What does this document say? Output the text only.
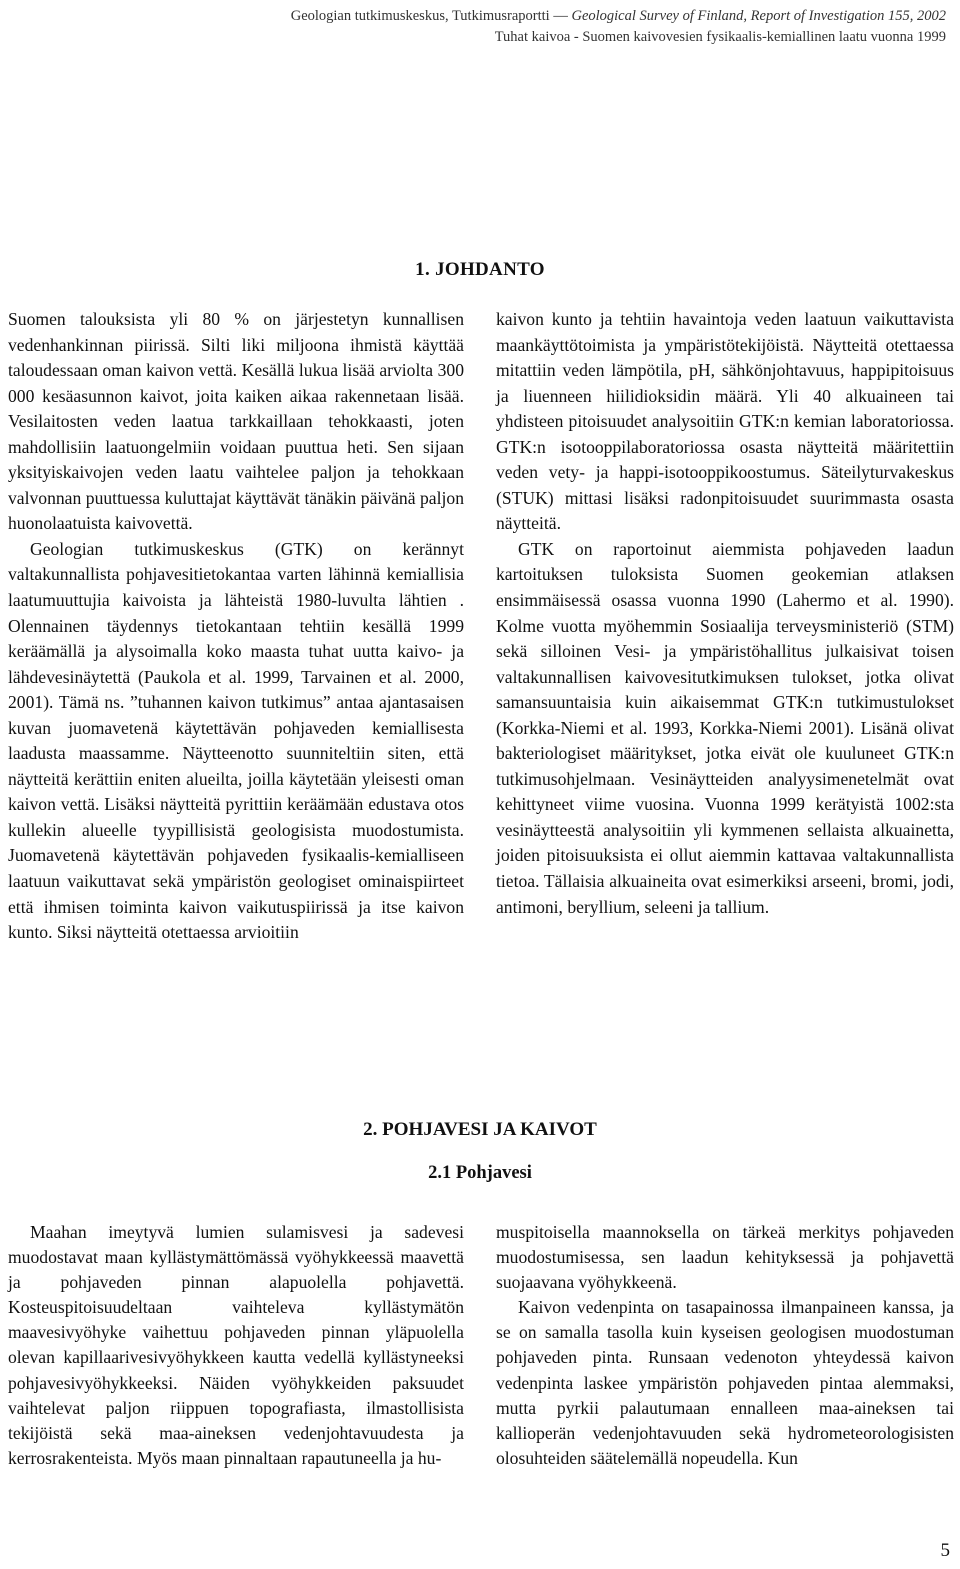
Geologian tutkimuskeskus, Tutkimusraportti — Geological Survey of Finland, Report of Investigation 155, 2002
Tuhat kaivoa - Suomen kaivovesien fysikaalis-kemiallinen laatu vuonna 1999
1. JOHDANTO

Suomen talouksista yli 80 % on järjestetyn kunnallisen vedenhankinnan piirissä. Silti liki miljoona ihmistä käyttää taloudessaan oman kaivon vettä. Kesällä lukua lisää arviolta 300 000 kesäasunnon kaivot, joita kaiken aikaa rakennetaan lisää. Vesilaitosten veden laatua tarkkaillaan tehokkaasti, joten mahdollisiin laatuongelmiin voidaan puuttua heti. Sen sijaan yksityiskaivojen veden laatu vaihtelee paljon ja tehokkaan valvonnan puuttuessa kuluttajat käyttävät tänäkin päivänä paljon huonolaatuista kaivovettä.

Geologian tutkimuskeskus (GTK) on kerännyt valtakunnallista pohjavesitietokantaa varten lähinnä kemiallisia laatumuuttujia kaivoista ja lähteistä 1980-luvulta lähtien . Olennainen täydennys tietokantaan tehtiin kesällä 1999 keräämällä ja alysoimalla koko maasta tuhat uutta kaivo- ja lähdevesinäytettä (Paukola et al. 1999, Tarvainen et al. 2000, 2001). Tämä ns. ”tuhannen kaivon tutkimus” antaa ajantasaisen kuvan juomavetenä käytettävän pohjaveden kemiallisesta laadusta maassamme. Näytteenotto suunniteltiin siten, että näytteitä kerättiin eniten alueilta, joilla käytetään yleisesti oman kaivon vettä. Lisäksi näytteitä pyrittiin keräämään edustava otos kullekin alueelle tyypillisistä geologisista muodostumista. Juomavetenä käytettävän pohjaveden fysikaalis-kemialliseen laatuun vaikuttavat sekä ympäristön geologiset ominaispiirteet että ihmisen toiminta kaivon vaikutuspiirissä ja itse kaivon kunto. Siksi näytteitä otettaessa arvioitiin

kaivon kunto ja tehtiin havaintoja veden laatuun vaikuttavista maankäyttötoimista ja ympäristötekijöistä. Näytteitä otettaessa mitattiin veden lämpötila, pH, sähkönjohtavuus, happipitoisuus ja liuenneen hiilidioksidin määrä. Yli 40 alkuaineen tai yhdisteen pitoisuudet analysoitiin GTK:n kemian laboratoriossa. GTK:n isotooppilaboratoriossa osasta näytteitä määritettiin veden vety- ja happi-isotooppikoostumus. Säteilyturvakeskus (STUK) mittasi lisäksi radonpitoisuudet suurimmasta osasta näytteitä.

GTK on raportoinut aiemmista pohjaveden laadun kartoituksen tuloksista Suomen geokemian atlaksen ensimmäisessä osassa vuonna 1990 (Lahermo et al. 1990). Kolme vuotta myöhemmin Sosiaalija terveysministeriö (STM) sekä silloinen Vesi- ja ympäristöhallitus julkaisivat toisen valtakunnallisen kaivovesitutkimuksen tulokset, jotka olivat samansuuntaisia kuin aikaisemmat GTK:n tutkimustulokset (Korkka-Niemi et al. 1993, Korkka-Niemi 2001). Lisänä olivat bakteriologiset määritykset, jotka eivät ole kuuluneet GTK:n tutkimusohjelmaan. Vesinäytteiden analyysimenetelmät ovat kehittyneet viime vuosina. Vuonna 1999 kerätyistä 1002:sta vesinäytteestä analysoitiin yli kymmenen sellaista alkuainetta, joiden pitoisuuksista ei ollut aiemmin kattavaa valtakunnallista tietoa. Tällaisia alkuaineita ovat esimerkiksi arseeni, bromi, jodi, antimoni, beryllium, seleeni ja tallium.

2. POHJAVESI JA KAIVOT
2.1 Pohjavesi

Maahan imeytyvä lumien sulamisvesi ja sadevesi muodostavat maan kyllästymättömässä vyöhykkeessä maavettä ja pohjaveden pinnan alapuolella pohjavettä. Kosteuspitoisuudeltaan vaihteleva kyllästymätön maavesivyöhyke vaihettuu pohjaveden pinnan yläpuolella olevan kapillaarivesivyöhykkeen kautta vedellä kyllästyneeksi pohjavesivyöhykkeeksi. Näiden vyöhykkeiden paksuudet vaihtelevat paljon riippuen topografiasta, ilmastollisista tekijöistä sekä maa-aineksen vedenjohtavuudesta ja kerrosrakenteista. Myös maan pinnaltaan rapautuneella ja hu-

muspitoisella maannoksella on tärkeä merkitys pohjaveden muodostumisessa, sen laadun kehityksessä ja pohjavettä suojaavana vyöhykkeenä.

Kaivon vedenpinta on tasapainossa ilmanpaineen kanssa, ja se on samalla tasolla kuin kyseisen geologisen muodostuman pohjaveden pinta. Runsaan vedenoton yhteydessä kaivon vedenpinta laskee ympäristön pohjaveden pintaa alemmaksi, mutta pyrkii palautumaan ennalleen maa-aineksen tai kallioperän vedenjohtavuuden sekä hydrometeorologisisten olosuhteiden säätelemällä nopeudella. Kun

5
